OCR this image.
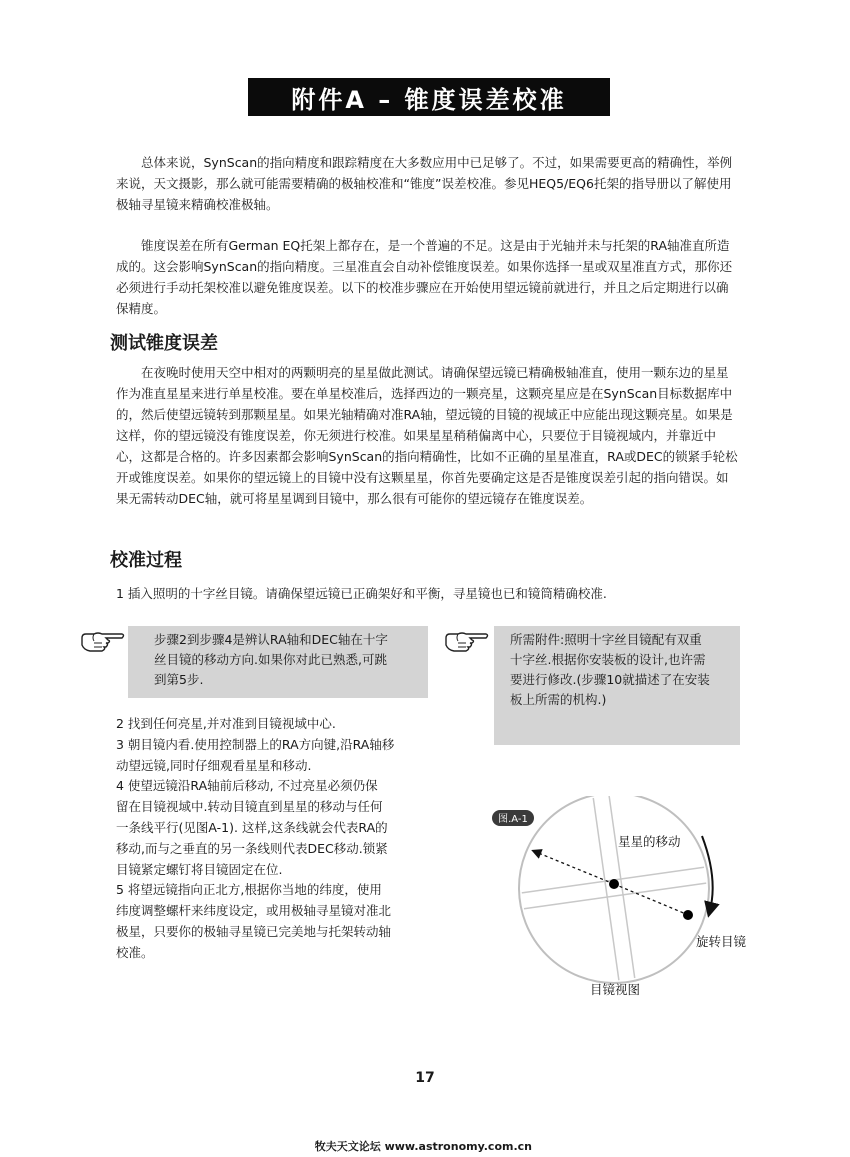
附件A – 锥度误差校准

总体来说，SynScan的指向精度和跟踪精度在大多数应用中已足够了。不过，如果需要更高的精确性，举例来说，天文摄影，那么就可能需要精确的极轴校准和“锥度”误差校准。参见HEQ5/EQ6托架的指导册以了解使用极轴寻星镜来精确校准极轴。

锥度误差在所有German EQ托架上都存在，是一个普遍的不足。这是由于光轴并未与托架的RA轴准直所造成的。这会影响SynScan的指向精度。三星准直会自动补偿锥度误差。如果你选择一星或双星准直方式，那你还必须进行手动托架校准以避免锥度误差。以下的校准步骤应在开始使用望远镜前就进行，并且之后定期进行以确保精度。

测试锥度误差

在夜晚时使用天空中相对的两颗明亮的星星做此测试。请确保望远镜已精确极轴准直，使用一颗东边的星星作为准直星星来进行单星校准。要在单星校准后，选择西边的一颗亮星，这颗亮星应是在SynScan目标数据库中的，然后使望远镜转到那颗星星。如果光轴精确对准RA轴，望远镜的目镜的视域正中应能出现这颗亮星。如果是这样，你的望远镜没有锥度误差，你无须进行校准。如果星星稍稍偏离中心，只要位于目镜视域内，并靠近中心，这都是合格的。许多因素都会影响SynScan的指向精确性，比如不正确的星星准直，RA或DEC的锁紧手轮松开或锥度误差。如果你的望远镜上的目镜中没有这颗星星，你首先要确定这是否是锥度误差引起的指向错误。如果无需转动DEC轴，就可将星星调到目镜中，那么很有可能你的望远镜存在锥度误差。

校准过程

1 插入照明的十字丝目镜。请确保望远镜已正确架好和平衡，寻星镜也已和镜筒精确校准.

步骤2到步骤4是辨认RA轴和DEC轴在十字
丝目镜的移动方向.如果你对此已熟悉,可跳
到第5步.
所需附件:照明十字丝目镜配有双重
十字丝.根据你安装板的设计,也许需
要进行修改.(步骤10就描述了在安装
板上所需的机构.)
2 找到任何亮星,并对准到目镜视域中心.
3 朝目镜内看.使用控制器上的RA方向键,沿RA轴移
动望远镜,同时仔细观看星星和移动.
4 使望远镜沿RA轴前后移动, 不过亮星必须仍保
留在目镜视域中.转动目镜直到星星的移动与任何
一条线平行(见图A-1). 这样,这条线就会代表RA的
移动,而与之垂直的另一条线则代表DEC移动.锁紧
目镜紧定螺钉将目镜固定在位.
5 将望远镜指向正北方,根据你当地的纬度，使用
纬度调整螺杆来纬度设定，或用极轴寻星镜对准北
极星，只要你的极轴寻星镜已完美地与托架转动轴
校准。
图.A-1
星星的移动
旋转目镜
目镜视图
17
牧夫天文论坛 www.astronomy.com.cn
